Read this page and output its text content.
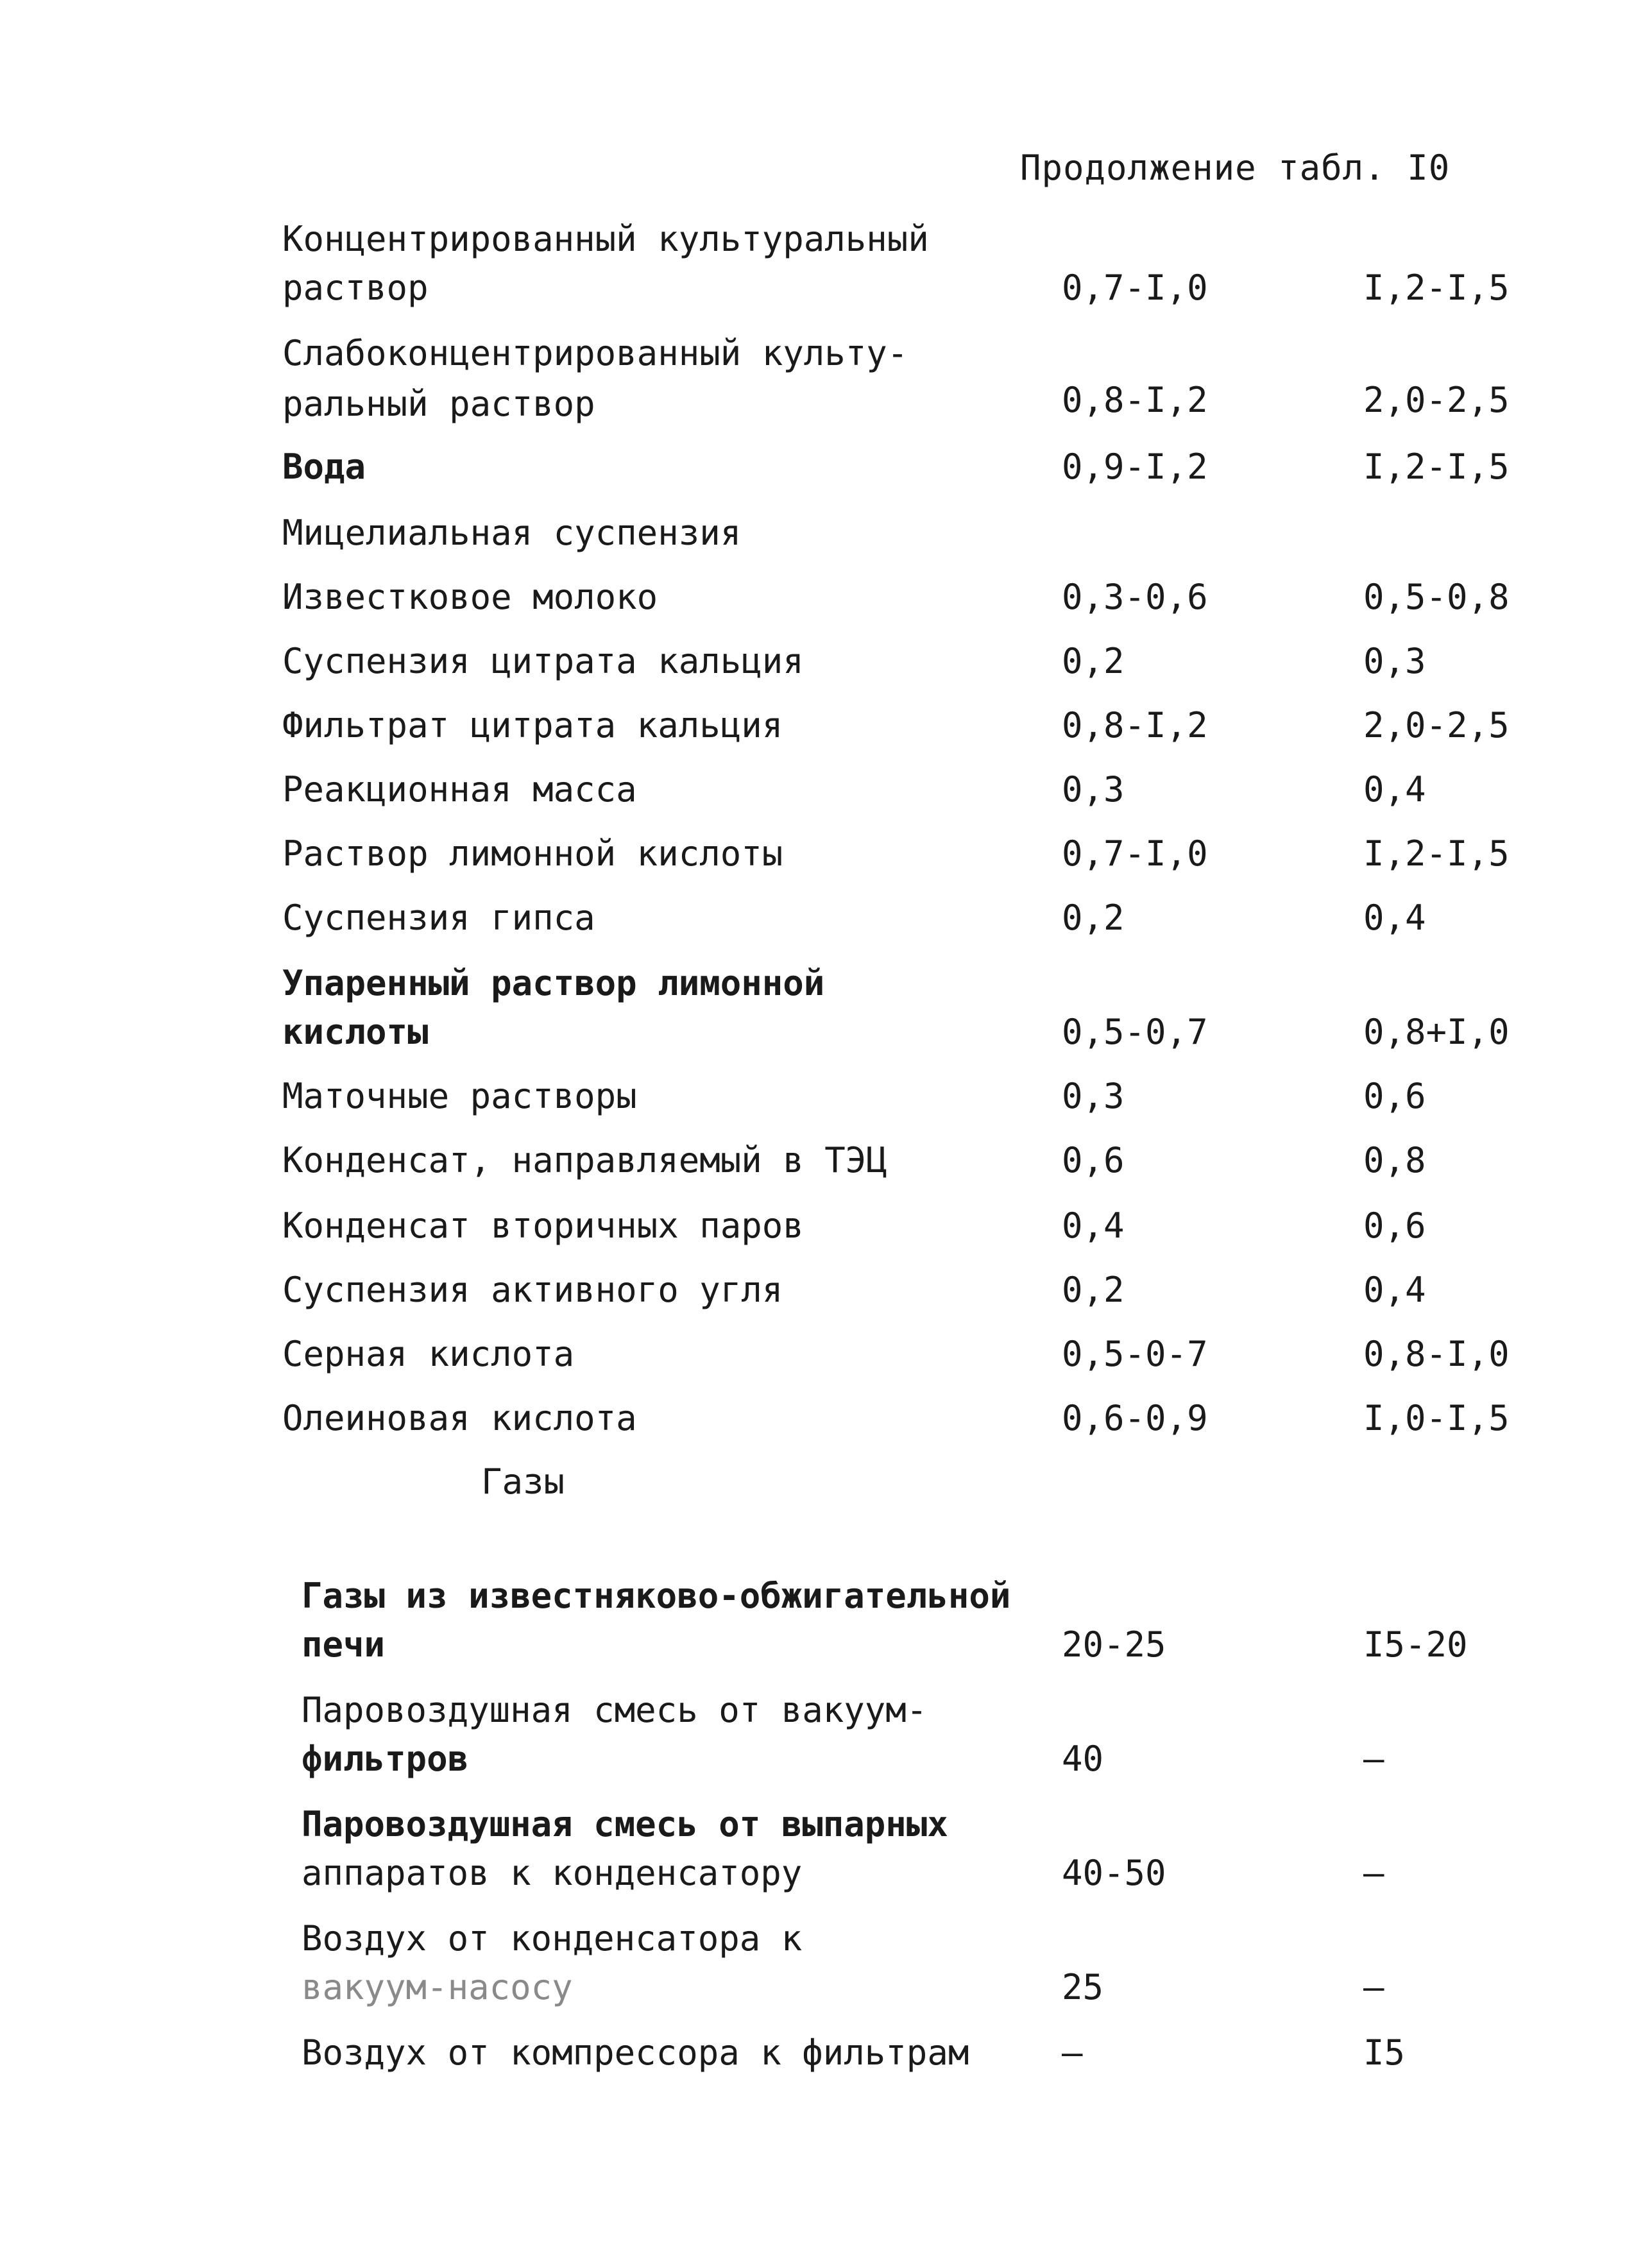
Продолжение табл. I0
Концентрированный культуральный
раствор	0,7-I,0	I,2-I,5
Слабоконцентрированный культу-
ральный раствор	0,8-I,2	2,0-2,5
Вода	0,9-I,2	I,2-I,5
Мицелиальная суспензия
Известковое молоко	0,3-0,6	0,5-0,8
Суспензия цитрата кальция	0,2	0,3
Фильтрат цитрата кальция	0,8-I,2	2,0-2,5
Реакционная масса	0,3	0,4
Раствор лимонной кислоты	0,7-I,0	I,2-I,5
Суспензия гипса	0,2	0,4
Упаренный раствор лимонной
кислоты	0,5-0,7	0,8+I,0
Маточные растворы	0,3	0,6
Конденсат, направляемый в ТЭЦ	0,6	0,8
Конденсат вторичных паров	0,4	0,6
Суспензия активного угля	0,2	0,4
Серная кислота	0,5-0-7	0,8-I,0
Олеиновая кислота	0,6-0,9	I,0-I,5
Газы
Газы из известняково-обжигательной
печи	20-25	I5-20
Паровоздушная смесь от вакуум-
фильтров	40	–
Паровоздушная смесь от выпарных
аппаратов к конденсатору	40-50	–
Воздух от конденсатора к
вакуум-насосу	25	–
Воздух от компрессора к фильтрам	–	I5
